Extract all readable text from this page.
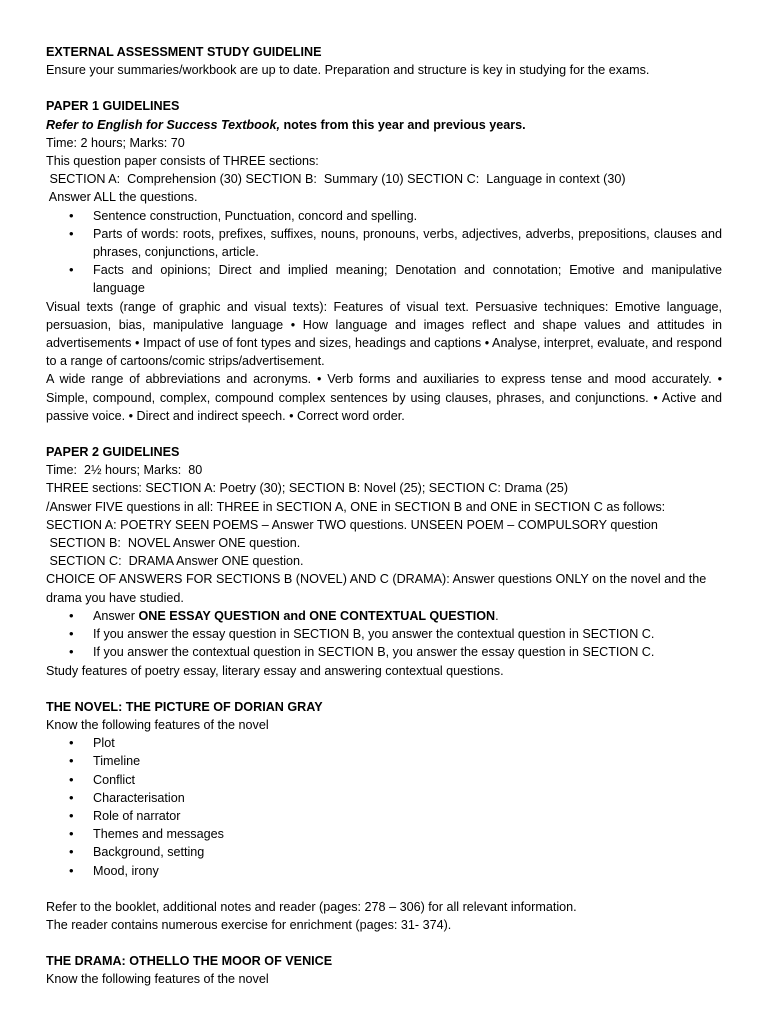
EXTERNAL ASSESSMENT STUDY GUIDELINE

Ensure your summaries/workbook are up to date. Preparation and structure is key in studying for the exams.

PAPER 1 GUIDELINES

Refer to English for Success Textbook, notes from this year and previous years.

Time: 2 hours; Marks: 70

This question paper consists of THREE sections:

SECTION A:  Comprehension (30) SECTION B:  Summary (10) SECTION C:  Language in context (30)

Answer ALL the questions.

• Sentence construction, Punctuation, concord and spelling.
• Parts of words: roots, prefixes, suffixes, nouns, pronouns, verbs, adjectives, adverbs, prepositions, clauses and phrases, conjunctions, article.
• Facts and opinions; Direct and implied meaning; Denotation and connotation; Emotive and manipulative language

Visual texts (range of graphic and visual texts): Features of visual text. Persuasive techniques: Emotive language, persuasion, bias, manipulative language • How language and images reflect and shape values and attitudes in advertisements • Impact of use of font types and sizes, headings and captions • Analyse, interpret, evaluate, and respond to a range of cartoons/comic strips/advertisement.

A wide range of abbreviations and acronyms. • Verb forms and auxiliaries to express tense and mood accurately. • Simple, compound, complex, compound complex sentences by using clauses, phrases, and conjunctions. • Active and passive voice. • Direct and indirect speech. • Correct word order.

PAPER 2 GUIDELINES

Time:  2½ hours; Marks:  80

THREE sections: SECTION A: Poetry (30); SECTION B: Novel (25); SECTION C: Drama (25)

/Answer FIVE questions in all: THREE in SECTION A, ONE in SECTION B and ONE in SECTION C as follows:

SECTION A: POETRY SEEN POEMS – Answer TWO questions. UNSEEN POEM – COMPULSORY question

SECTION B:  NOVEL Answer ONE question.

SECTION C:  DRAMA Answer ONE question.

CHOICE OF ANSWERS FOR SECTIONS B (NOVEL) AND C (DRAMA): Answer questions ONLY on the novel and the drama you have studied.

• Answer ONE ESSAY QUESTION and ONE CONTEXTUAL QUESTION.
• If you answer the essay question in SECTION B, you answer the contextual question in SECTION C.
• If you answer the contextual question in SECTION B, you answer the essay question in SECTION C.

Study features of poetry essay, literary essay and answering contextual questions.

THE NOVEL: THE PICTURE OF DORIAN GRAY

Know the following features of the novel

• Plot
• Timeline
• Conflict
• Characterisation
• Role of narrator
• Themes and messages
• Background, setting
• Mood, irony

Refer to the booklet, additional notes and reader (pages: 278 – 306) for all relevant information.

The reader contains numerous exercise for enrichment (pages: 31- 374).

THE DRAMA: OTHELLO THE MOOR OF VENICE

Know the following features of the novel
